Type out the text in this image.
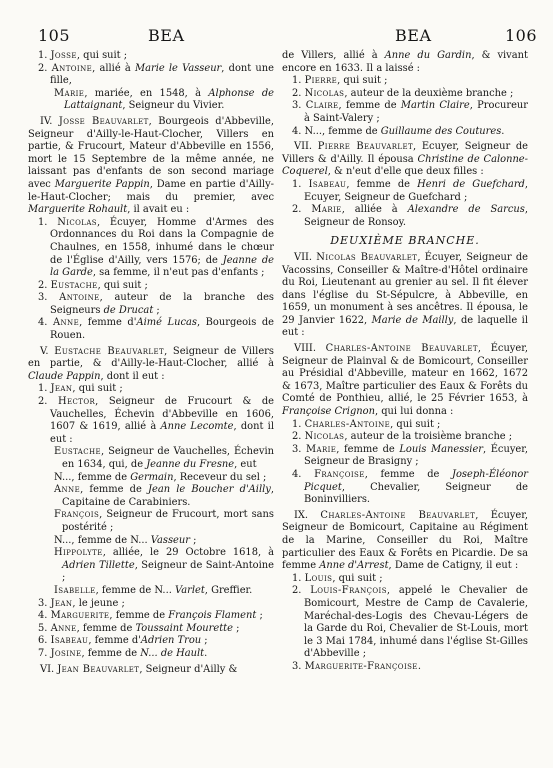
105	BEA	BEA	106

1. Josse, qui suit ;

2. Antoine, allié à Marie le Vasseur, dont une fille,

Marie, mariée, en 1548, à Alphonse de Lattaignant, Seigneur du Vivier.

IV. Josse Beauvarlet, Bourgeois d'Abbeville, Seigneur d'Ailly-le-Haut-Clocher, Villers en partie, & Frucourt, Mateur d'Abbeville en 1556, mort le 15 Septembre de la même année, ne laissant pas d'enfants de son second mariage avec Marguerite Pappin, Dame en partie d'Ailly-le-Haut-Clocher; mais du premier, avec Marguerite Rohault, il avait eu :

1. Nicolas, Écuyer, Homme d'Armes des Ordonnances du Roi dans la Compagnie de Chaulnes, en 1558, inhumé dans le chœur de l'Église d'Ailly, vers 1576; de Jeanne de la Garde, sa femme, il n'eut pas d'enfants ;

2. Eustache, qui suit ;

3. Antoine, auteur de la branche des Seigneurs de Drucat ;

4. Anne, femme d'Aimé Lucas, Bourgeois de Rouen.

V. Eustache Beauvarlet, Seigneur de Villers en partie, & d'Ailly-le-Haut-Clocher, allié à Claude Pappin, dont il eut :

1. Jean, qui suit ;

2. Hector, Seigneur de Frucourt & de Vauchelles, Échevin d'Abbeville en 1606, 1607 & 1619, allié à Anne Lecomte, dont il eut :

Eustache, Seigneur de Vauchelles, Échevin en 1634, qui, de Jeanne du Fresne, eut

N..., femme de Germain, Receveur du sel ;

Anne, femme de Jean le Boucher d'Ailly, Capitaine de Carabiniers.

François, Seigneur de Frucourt, mort sans postérité ;

N..., femme de N... Vasseur ;

Hippolyte, alliée, le 29 Octobre 1618, à Adrien Tillette, Seigneur de Saint-Antoine ;

Isabelle, femme de N... Varlet, Greffier.

3. Jean, le jeune ;

4. Marguerite, femme de François Flament ;

5. Anne, femme de Toussaint Mourette ;

6. Isabeau, femme d'Adrien Trou ;

7. Josine, femme de N... de Hault.

VI. Jean Beauvarlet, Seigneur d'Ailly &

de Villers, allié à Anne du Gardin, & vivant encore en 1633. Il a laissé :

1. Pierre, qui suit ;

2. Nicolas, auteur de la deuxième branche ;

3. Claire, femme de Martin Claire, Procureur à Saint-Valery ;

4. N..., femme de Guillaume des Coutures.

VII. Pierre Beauvarlet, Ecuyer, Seigneur de Villers & d'Ailly. Il épousa Christine de Calonne-Coquerel, & n'eut d'elle que deux filles :

1. Isabeau, femme de Henri de Guefchard, Ecuyer, Seigneur de Guefchard ;

2. Marie, alliée à Alexandre de Sarcus, Seigneur de Ronsoy.

DEUXIÈME BRANCHE.

VII. Nicolas Beauvarlet, Écuyer, Seigneur de Vacossins, Conseiller & Maître-d'Hôtel ordinaire du Roi, Lieutenant au grenier au sel. Il fit élever dans l'église du St-Sépulcre, à Abbeville, en 1659, un monument à ses ancêtres. Il épousa, le 29 Janvier 1622, Marie de Mailly, de laquelle il eut :

VIII. Charles-Antoine Beauvarlet, Écuyer, Seigneur de Plainval & de Bomicourt, Conseiller au Présidial d'Abbeville, mateur en 1662, 1672 & 1673, Maître particulier des Eaux & Forêts du Comté de Ponthieu, allié, le 25 Février 1653, à Françoise Crignon, qui lui donna :

1. Charles-Antoine, qui suit ;

2. Nicolas, auteur de la troisième branche ;

3. Marie, femme de Louis Manessier, Écuyer, Seigneur de Brasigny ;

4. Françoise, femme de Joseph-Éléonor Picquet, Chevalier, Seigneur de Boninvilliers.

IX. Charles-Antoine Beauvarlet, Écuyer, Seigneur de Bomicourt, Capitaine au Régiment de la Marine, Conseiller du Roi, Maître particulier des Eaux & Forêts en Picardie. De sa femme Anne d'Arrest, Dame de Catigny, il eut :

1. Louis, qui suit ;

2. Louis-François, appelé le Chevalier de Bomicourt, Mestre de Camp de Cavalerie, Maréchal-des-Logis des Chevau-Légers de la Garde du Roi, Chevalier de St-Louis, mort le 3 Mai 1784, inhumé dans l'église St-Gilles d'Abbeville ;

3. Marguerite-Françoise.
